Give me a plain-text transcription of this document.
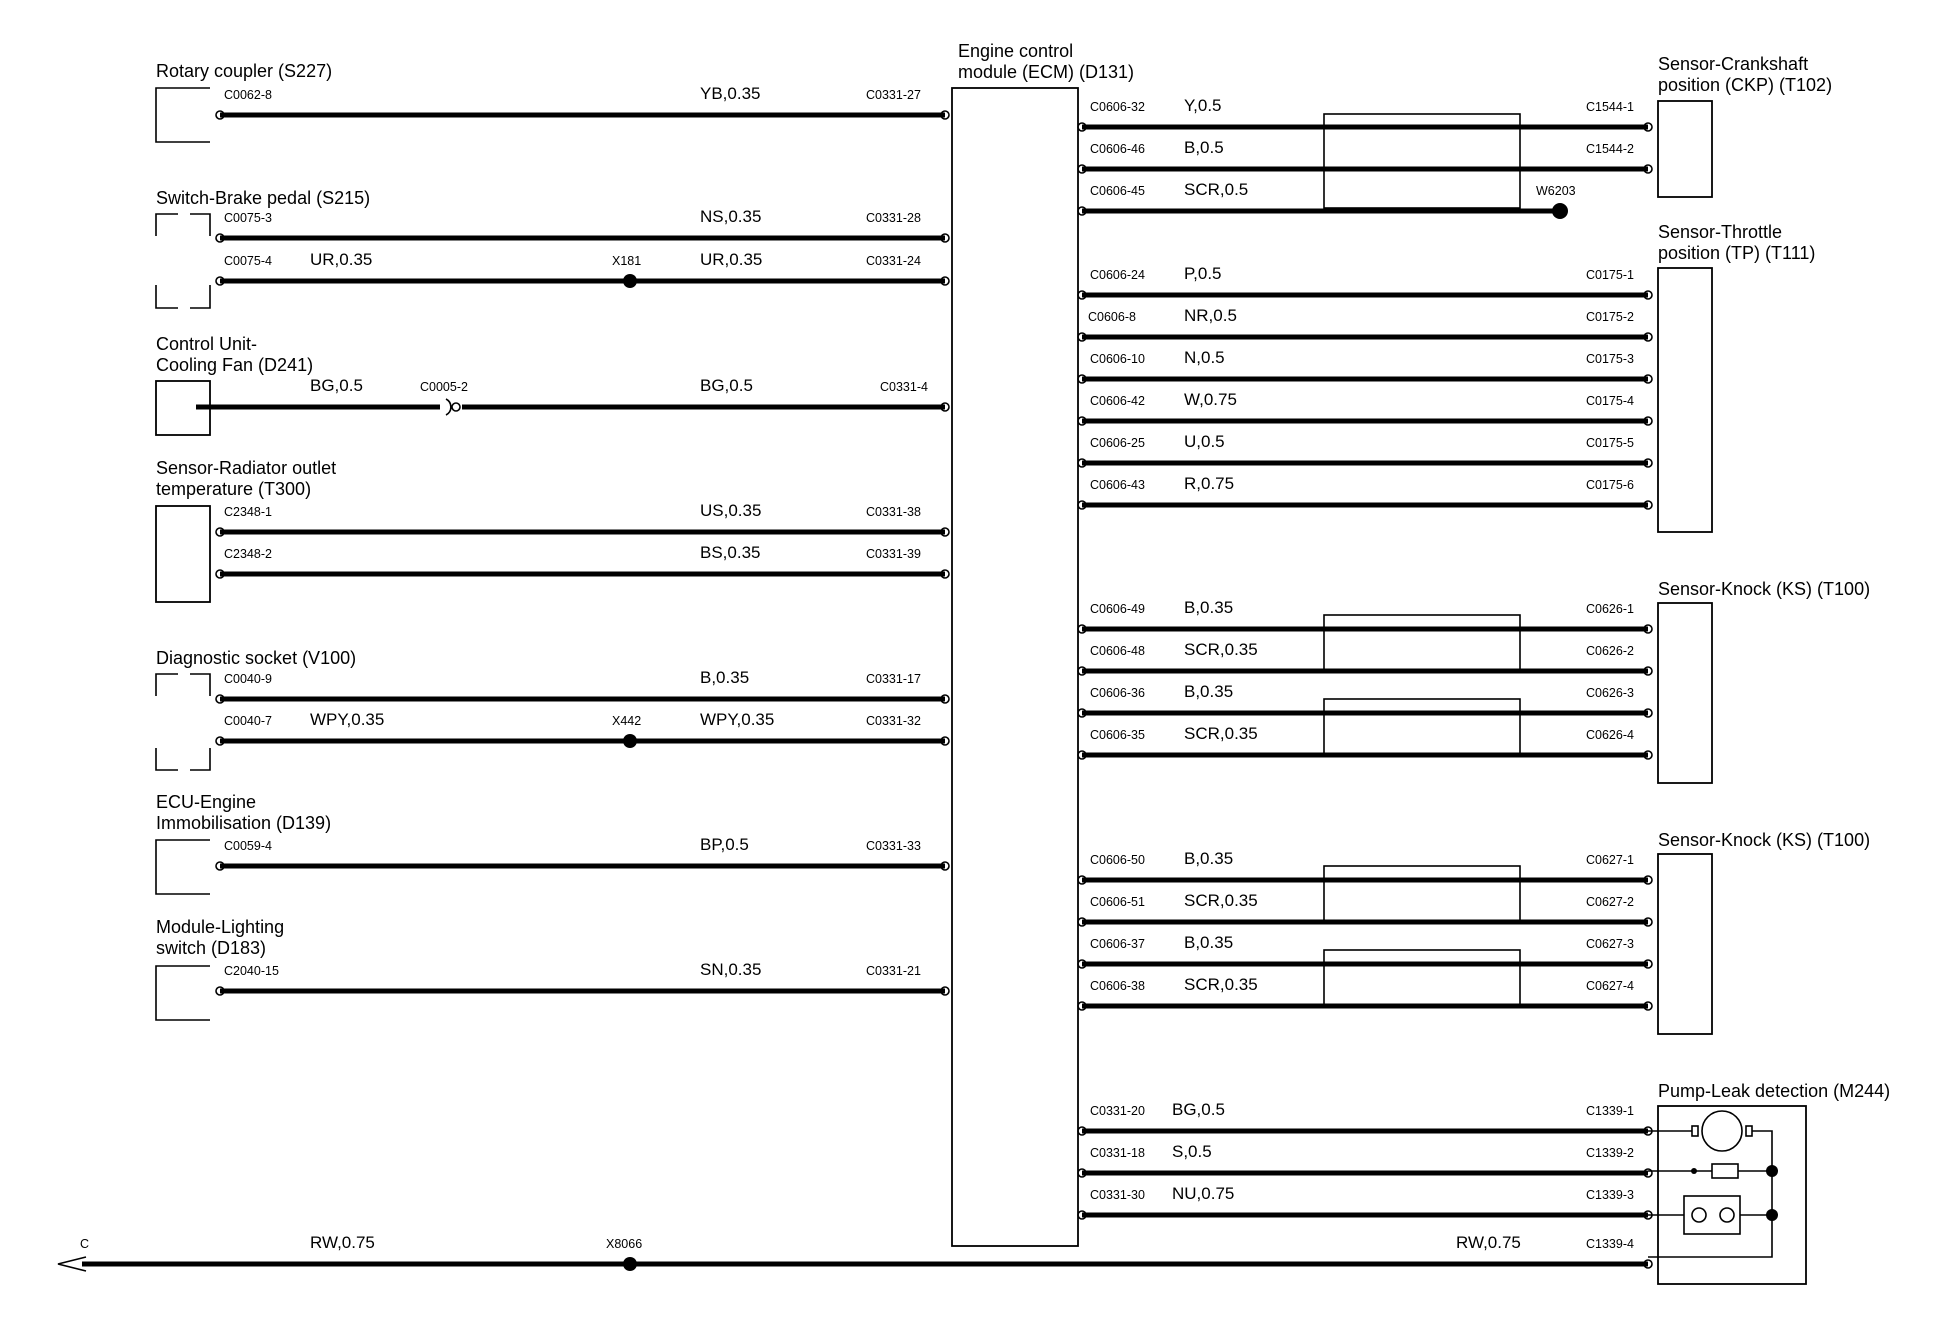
Engine control
module (ECM) (D131)
Rotary coupler (S227)
C0062-8	YB,0.35	C0331-27
Switch-Brake pedal (S215)
C0075-3	NS,0.35	C0331-28
C0075-4 UR,0.35	X181	UR,0.35	C0331-24
Control Unit-
Cooling Fan (D241)
BG,0.5	C0005-2	BG,0.5	C0331-4
Sensor-Radiator outlet
temperature (T300)
C2348-1	US,0.35	C0331-38
C2348-2	BS,0.35	C0331-39
Diagnostic socket (V100)
C0040-9	B,0.35	C0331-17
C0040-7 WPY,0.35	X442	WPY,0.35	C0331-32
ECU-Engine
Immobilisation (D139)
C0059-4	BP,0.5	C0331-33
Module-Lighting
switch (D183)
C2040-15	SN,0.35	C0331-21
Sensor-Crankshaft
position (CKP) (T102)
C0606-32 Y,0.5	C1544-1
C0606-46 B,0.5	C1544-2
C0606-45 SCR,0.5	W6203
Sensor-Throttle
position (TP) (T111)
C0606-24 P,0.5	C0175-1
C0606-8	NR,0.5	C0175-2
C0606-10 N,0.5	C0175-3
C0606-42 W,0.75	C0175-4
C0606-25 U,0.5	C0175-5
C0606-43 R,0.75	C0175-6
Sensor-Knock (KS) (T100)
C0606-49 B,0.35	C0626-1
C0606-48 SCR,0.35	C0626-2
C0606-36 B,0.35	C0626-3
C0606-35 SCR,0.35	C0626-4
Sensor-Knock (KS) (T100)
C0606-50 B,0.35	C0627-1
C0606-51 SCR,0.35	C0627-2
C0606-37 B,0.35	C0627-3
C0606-38 SCR,0.35	C0627-4
Pump-Leak detection (M244)
C0331-20 BG,0.5	C1339-1
C0331-18 S,0.5	C1339-2
C0331-30 NU,0.75	C1339-3
C	RW,0.75	X8066	RW,0.75	C1339-4
